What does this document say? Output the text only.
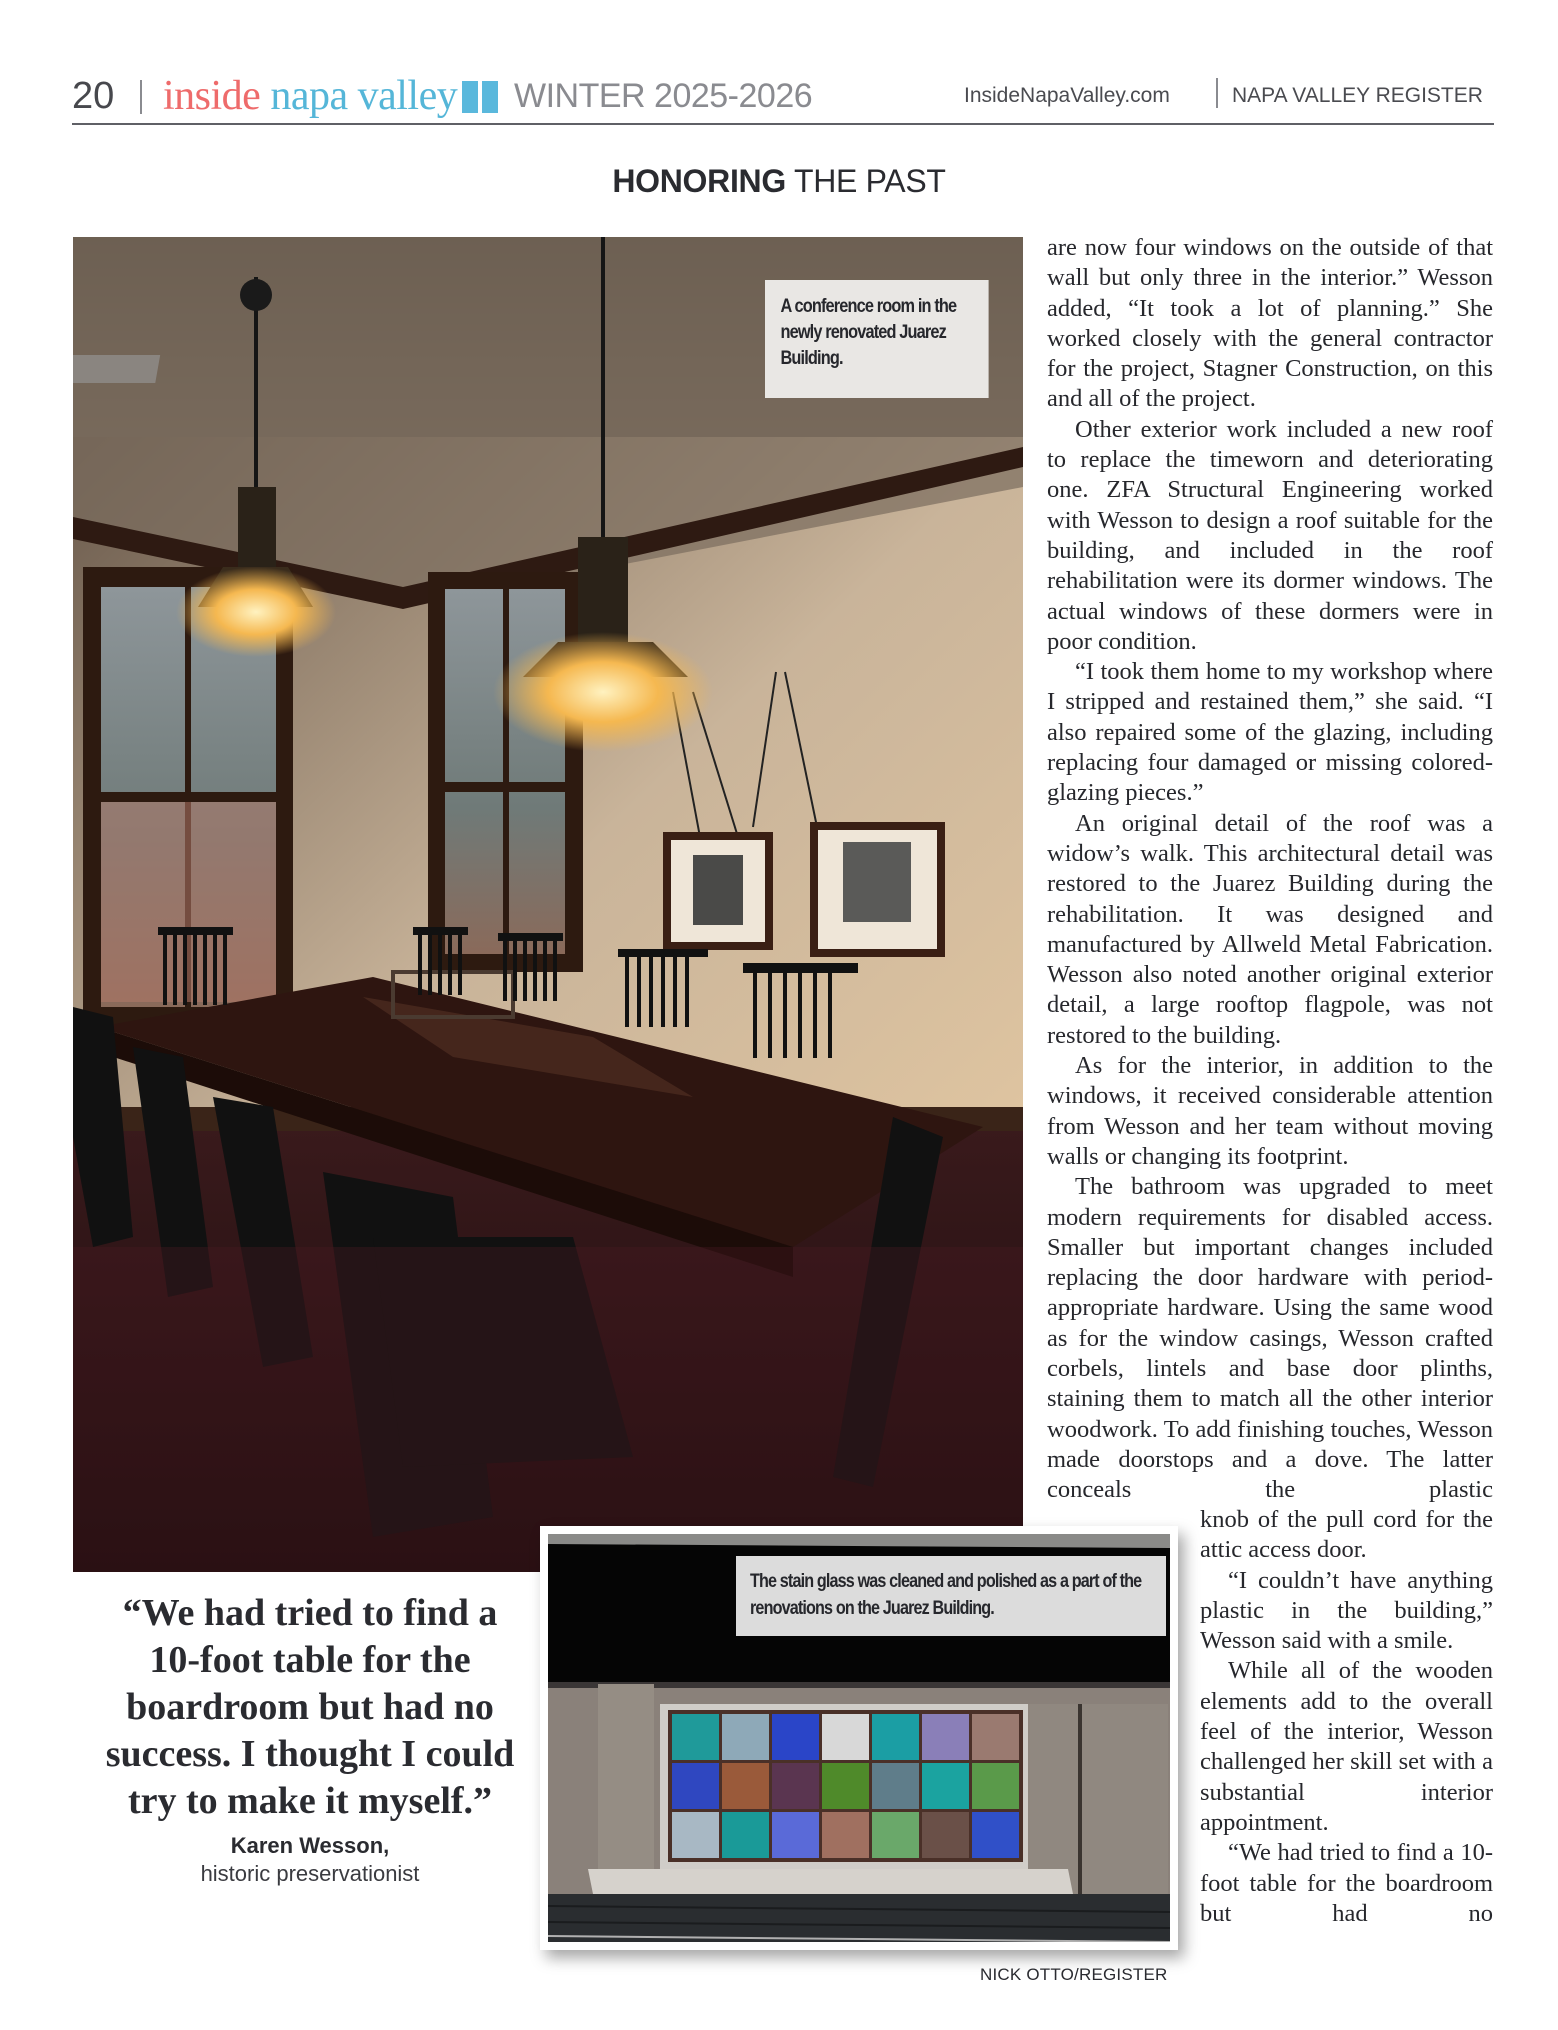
20 inside napa valley WINTER 2025-2026	InsideNapaValley.com	NAPA VALLEY REGISTER
HONORING THE PAST
A conference room in the newly renovated Juarez Building.

are now four windows on the outside of that wall but only three in the interior.” Wesson added, “It took a lot of planning.” She worked closely with the general contractor for the project, Stagner Construction, on this and all of the project.

Other exterior work included a new roof to replace the timeworn and deteriorating one. ZFA Structural Engineering worked with Wesson to design a roof suitable for the building, and included in the roof rehabilitation were its dormer windows. The actual windows of these dormers were in poor condition.

“I took them home to my workshop where I stripped and restained them,” she said. “I also repaired some of the glazing, including replacing four damaged or missing colored-glazing pieces.”

An original detail of the roof was a widow’s walk. This architectural detail was restored to the Juarez Building during the rehabilitation. It was designed and manufactured by Allweld Metal Fabrication. Wesson also noted another original exterior detail, a large rooftop flagpole, was not restored to the building.

As for the interior, in addition to the windows, it received considerable attention from Wesson and her team without moving walls or changing its footprint.

The bathroom was upgraded to meet modern requirements for disabled access. Smaller but important changes included replacing the door hardware with period-appropriate hardware. Using the same wood as for the window casings, Wesson crafted corbels, lintels and base door plinths, staining them to match all the other interior woodwork. To add finishing touches, Wesson made doorstops and a dove. The latter conceals the plastic

knob of the pull cord for the attic access door.

“I couldn’t have anything plastic in the building,” Wesson said with a smile.

While all of the wooden elements add to the overall feel of the interior, Wesson challenged her skill set with a substantial interior appointment.

“We had tried to find a 10-foot table for the boardroom but had no

“We had tried to find a 10-foot table for the boardroom but had no success. I thought I could try to make it myself.”
Karen Wesson,
historic preservationist
The stain glass was cleaned and polished as a part of the renovations on the Juarez Building.
NICK OTTO/REGISTER
